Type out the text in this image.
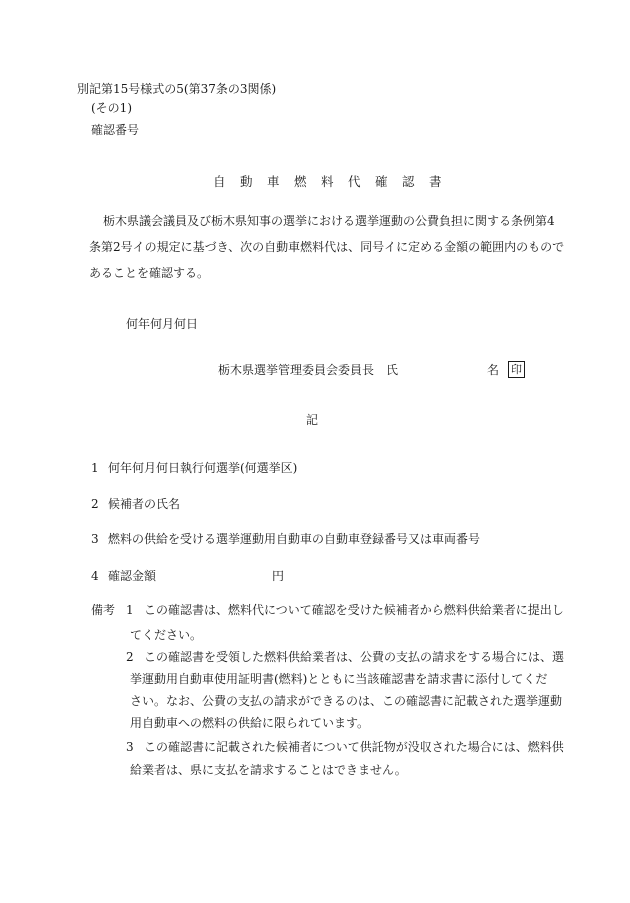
別記第15号様式の5(第37条の3関係)
(その1)
確認番号
自動車燃料代確認書
栃木県議会議員及び栃木県知事の選挙における選挙運動の公費負担に関する条例第4
条第2号イの規定に基づき、次の自動車燃料代は、同号イに定める金額の範囲内のもので
あることを確認する。
何年何月何日
栃木県選挙管理委員会委員長　氏	名 印
記
1 何年何月何日執行何選挙(何選挙区)
2 候補者の氏名
3 燃料の供給を受ける選挙運動用自動車の自動車登録番号又は車両番号
4 確認金額	円
備考 1 この確認書は、燃料代について確認を受けた候補者から燃料供給業者に提出し
てください。
2 この確認書を受領した燃料供給業者は、公費の支払の請求をする場合には、選
挙運動用自動車使用証明書(燃料)とともに当該確認書を請求書に添付してくだ
さい。なお、公費の支払の請求ができるのは、この確認書に記載された選挙運動
用自動車への燃料の供給に限られています。
3 この確認書に記載された候補者について供託物が没収された場合には、燃料供
給業者は、県に支払を請求することはできません。
